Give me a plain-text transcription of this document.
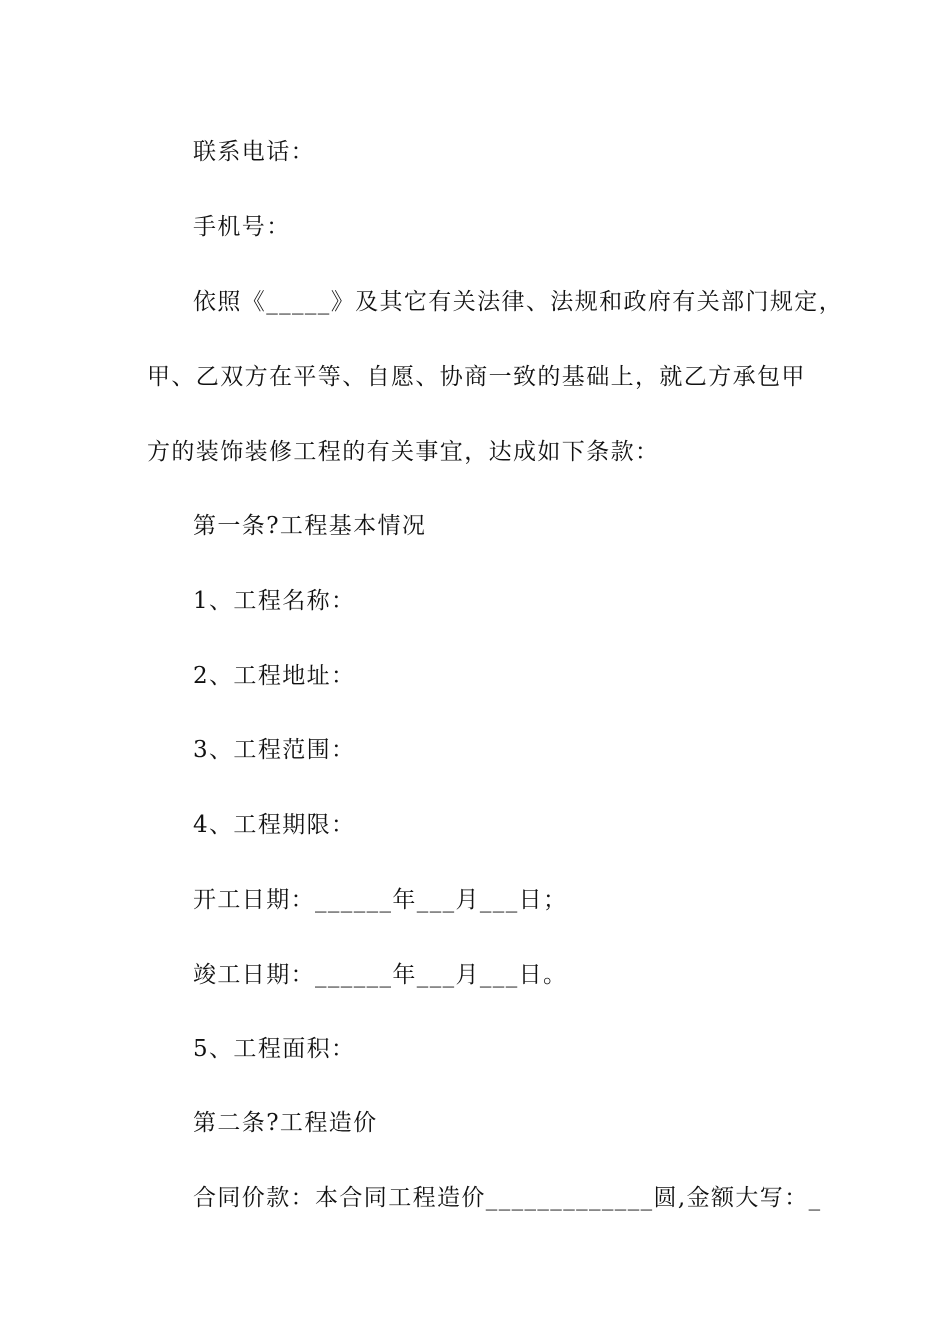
联系电话：
手机号：
依照《_____》及其它有关法律、法规和政府有关部门规定，
甲、乙双方在平等、自愿、协商一致的基础上，就乙方承包甲
方的装饰装修工程的有关事宜，达成如下条款：
第一条?工程基本情况
1、工程名称：
2、工程地址：
3、工程范围：
4、工程期限：
开工日期：______年___月___日；
竣工日期：______年___月___日。
5、工程面积：
第二条?工程造价
合同价款：本合同工程造价_____________圆,金额大写：_
